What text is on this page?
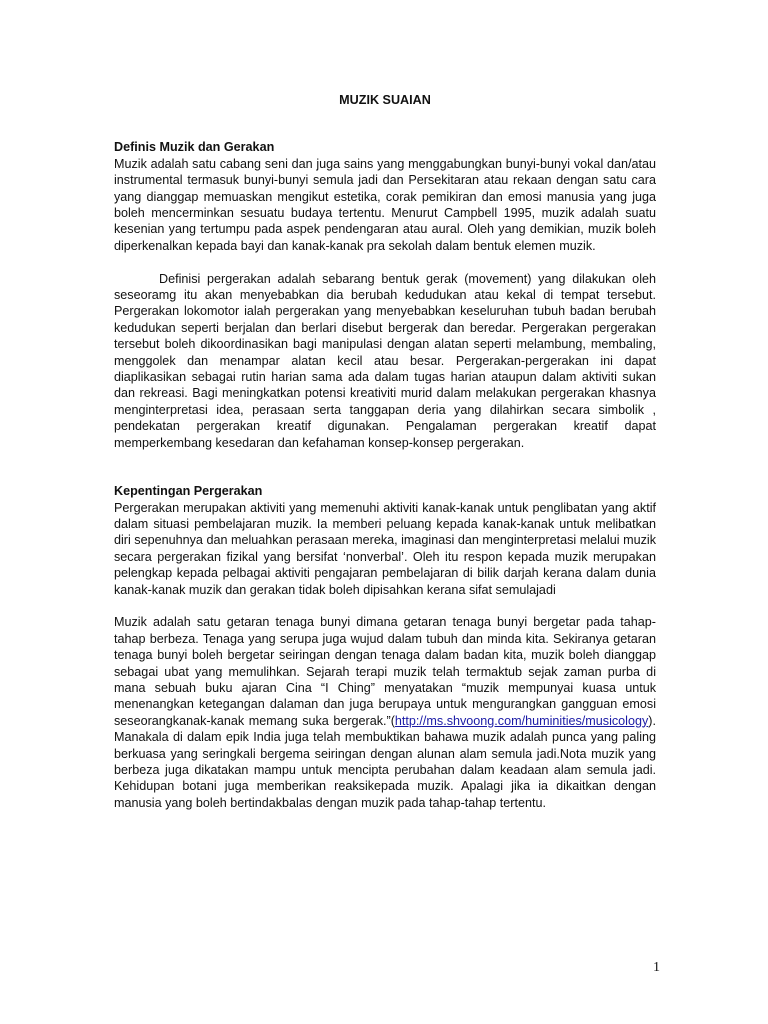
MUZIK SUAIAN
Definis Muzik dan Gerakan

Muzik adalah satu cabang seni dan juga sains yang menggabungkan bunyi-bunyi vokal dan/atau instrumental termasuk bunyi-bunyi semula jadi dan Persekitaran atau rekaan dengan satu cara yang dianggap memuaskan mengikut estetika, corak pemikiran dan emosi manusia yang juga boleh mencerminkan sesuatu budaya tertentu. Menurut Campbell 1995, muzik adalah suatu kesenian yang tertumpu pada aspek pendengaran atau aural. Oleh yang demikian, muzik boleh diperkenalkan kepada bayi dan kanak-kanak pra sekolah dalam bentuk elemen muzik.

Definisi pergerakan adalah sebarang bentuk gerak (movement) yang dilakukan oleh seseoramg itu akan menyebabkan dia berubah kedudukan atau kekal di tempat tersebut. Pergerakan lokomotor ialah pergerakan yang menyebabkan keseluruhan tubuh badan berubah kedudukan seperti berjalan dan berlari disebut bergerak dan beredar. Pergerakan pergerakan tersebut boleh dikoordinasikan bagi manipulasi dengan alatan seperti melambung, membaling, menggolek dan menampar alatan kecil atau besar. Pergerakan-pergerakan ini dapat diaplikasikan sebagai rutin harian sama ada dalam tugas harian ataupun dalam aktiviti sukan dan rekreasi. Bagi meningkatkan potensi kreativiti murid dalam melakukan pergerakan khasnya menginterpretasi idea, perasaan serta tanggapan deria yang dilahirkan secara simbolik , pendekatan pergerakan kreatif digunakan. Pengalaman pergerakan kreatif dapat memperkembang kesedaran dan kefahaman konsep-konsep pergerakan.

Kepentingan Pergerakan

Pergerakan merupakan aktiviti yang memenuhi aktiviti kanak-kanak untuk penglibatan yang aktif dalam situasi pembelajaran muzik. Ia memberi peluang kepada kanak-kanak untuk melibatkan diri sepenuhnya dan meluahkan perasaan mereka, imaginasi dan menginterpretasi melalui muzik secara pergerakan fizikal yang bersifat ‘nonverbal’. Oleh itu respon kepada muzik merupakan pelengkap kepada pelbagai aktiviti pengajaran pembelajaran di bilik darjah kerana dalam dunia kanak-kanak muzik dan gerakan tidak boleh dipisahkan kerana sifat semulajadi

Muzik adalah satu getaran tenaga bunyi dimana getaran tenaga bunyi bergetar pada tahap-tahap berbeza. Tenaga yang serupa juga wujud dalam tubuh dan minda kita. Sekiranya getaran tenaga bunyi boleh bergetar seiringan dengan tenaga dalam badan kita, muzik boleh dianggap sebagai ubat yang memulihkan. Sejarah terapi muzik telah termaktub sejak zaman purba di mana sebuah buku ajaran Cina “I Ching” menyatakan “muzik mempunyai kuasa untuk menenangkan ketegangan dalaman dan juga berupaya untuk mengurangkan gangguan emosi seseorangkanak-kanak memang suka bergerak.”(http://ms.shvoong.com/huminities/musicology). Manakala di dalam epik India juga telah membuktikan bahawa muzik adalah punca yang paling berkuasa yang seringkali bergema seiringan dengan alunan alam semula jadi.Nota muzik yang berbeza juga dikatakan mampu untuk mencipta perubahan dalam keadaan alam semula jadi. Kehidupan botani juga memberikan reaksikepada muzik. Apalagi jika ia dikaitkan dengan manusia yang boleh bertindakbalas dengan muzik pada tahap-tahap tertentu.

1
